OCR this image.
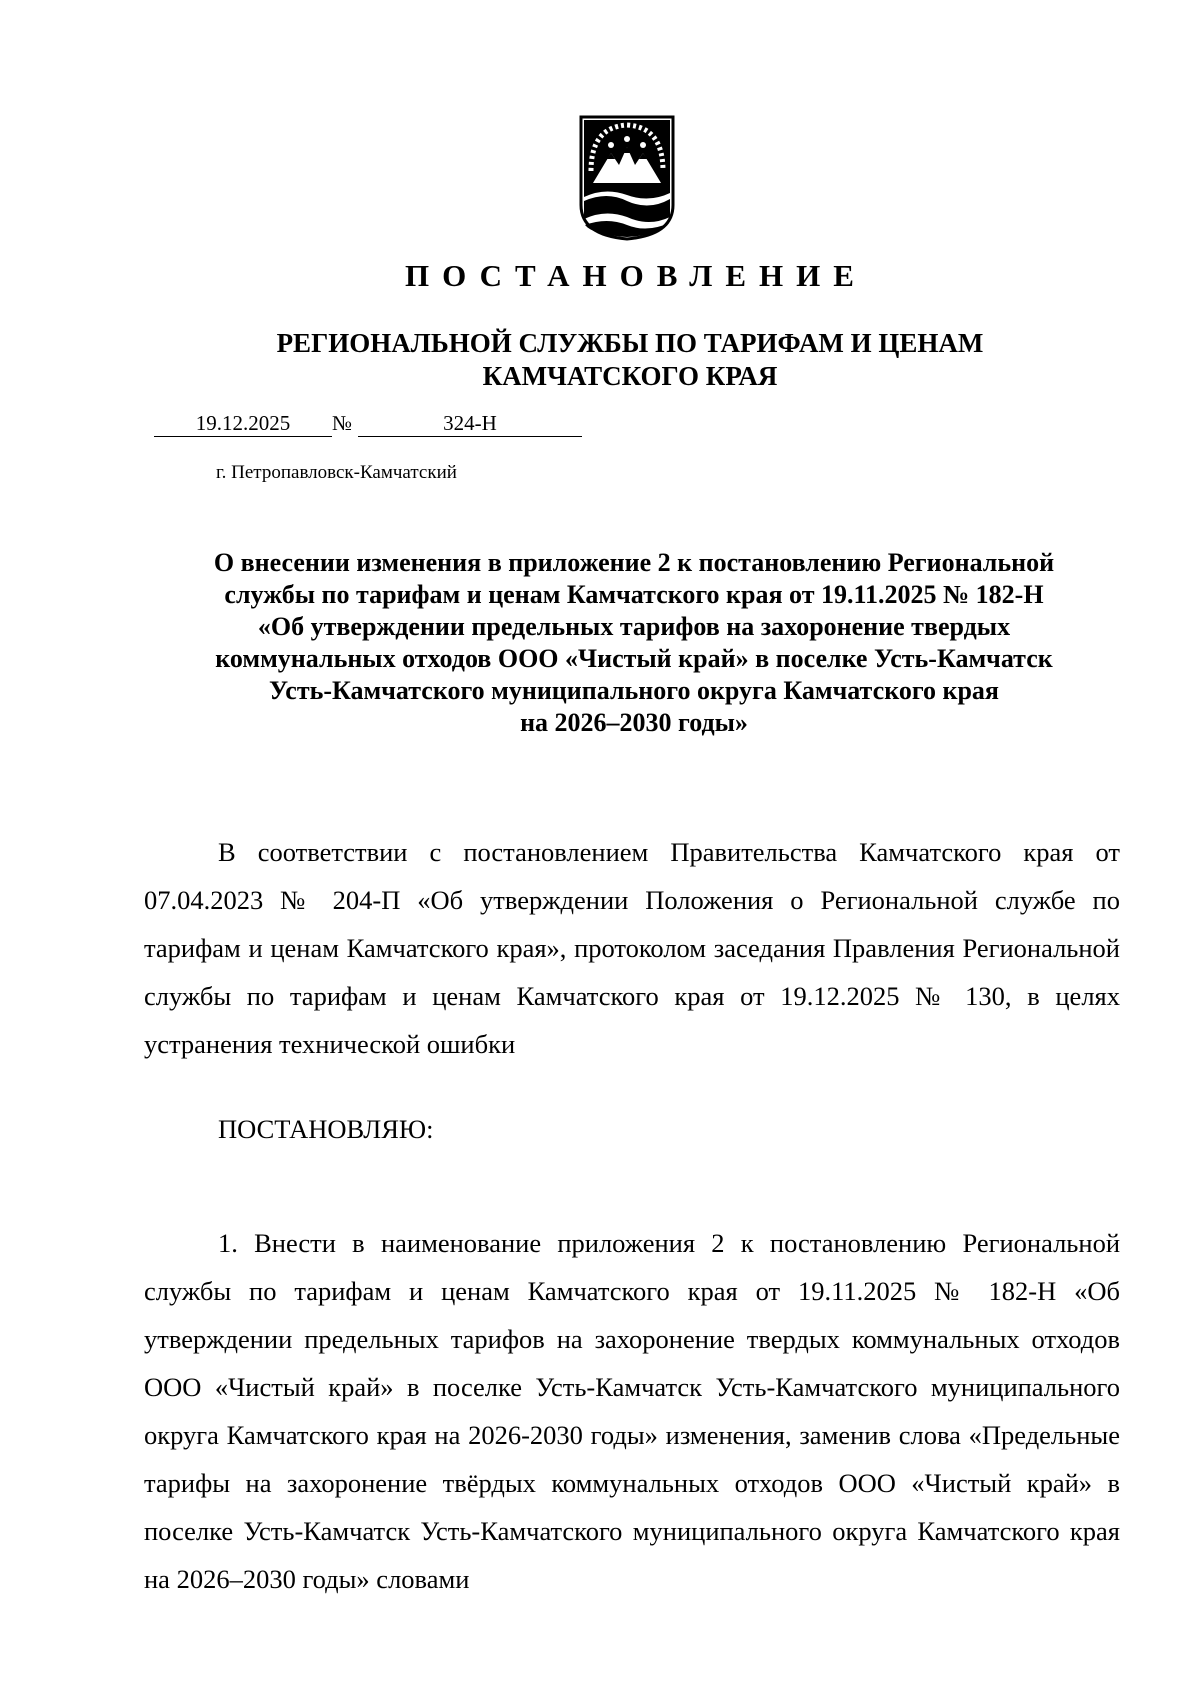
ПОСТАНОВЛЕНИЕ
РЕГИОНАЛЬНОЙ СЛУЖБЫ ПО ТАРИФАМ И ЦЕНАМ
КАМЧАТСКОГО КРАЯ
19.12.2025	№	324-Н
г. Петропавловск-Камчатский
О внесении изменения в приложение 2 к постановлению Региональной
службы по тарифам и ценам Камчатского края от 19.11.2025 № 182-Н
«Об утверждении предельных тарифов на захоронение твердых
коммунальных отходов ООО «Чистый край» в поселке Усть-Камчатск
Усть-Камчатского муниципального округа Камчатского края
на 2026–2030 годы»

В соответствии с постановлением Правительства Камчатского края от 07.04.2023 № 204-П «Об утверждении Положения о Региональной службе по тарифам и ценам Камчатского края», протоколом заседания Правления Региональной службы по тарифам и ценам Камчатского края от 19.12.2025 № 130, в целях устранения технической ошибки

ПОСТАНОВЛЯЮ:

1. Внести в наименование приложения 2 к постановлению Региональной службы по тарифам и ценам Камчатского края от 19.11.2025 № 182-Н «Об утверждении предельных тарифов на захоронение твердых коммунальных отходов ООО «Чистый край» в поселке Усть-Камчатск Усть-Камчатского муниципального округа Камчатского края на 2026-2030 годы» изменения, заменив слова «Предельные тарифы на захоронение твёрдых коммунальных отходов ООО «Чистый край» в поселке Усть-Камчатск Усть-Камчатского муниципального округа Камчатского края на 2026–2030 годы» словами
